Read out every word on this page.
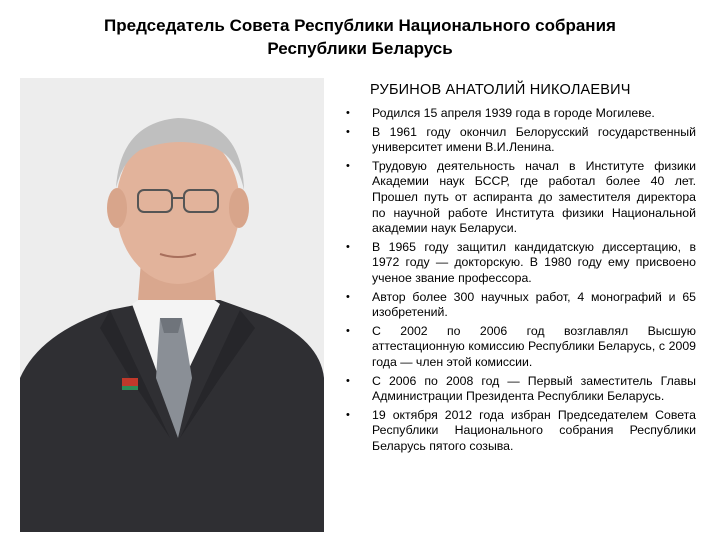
Председатель Совета Республики Национального собрания
Республики Беларусь
РУБИНОВ АНАТОЛИЙ НИКОЛАЕВИЧ
• Родился 15 апреля 1939 года в городе Могилеве.
• В 1961 году окончил Белорусский государственный университет имени В.И.Ленина.
• Трудовую деятельность начал в Институте физики Академии наук БССР, где работал более 40 лет. Прошел путь от аспиранта до заместителя директора по научной работе Института физики Национальной академии наук Беларуси.
• В 1965 году защитил кандидатскую диссертацию, в 1972 году — докторскую. В 1980 году ему присвоено ученое звание профессора.
• Автор более 300 научных работ, 4 монографий и 65 изобретений.
• С 2002 по 2006 год возглавлял Высшую аттестационную комиссию Республики Беларусь, с 2009 года — член этой комиссии.
• С 2006 по 2008 год — Первый заместитель Главы Администрации Президента Республики Беларусь.
• 19 октября 2012 года избран Председателем Совета Республики Национального собрания Республики Беларусь пятого созыва.
